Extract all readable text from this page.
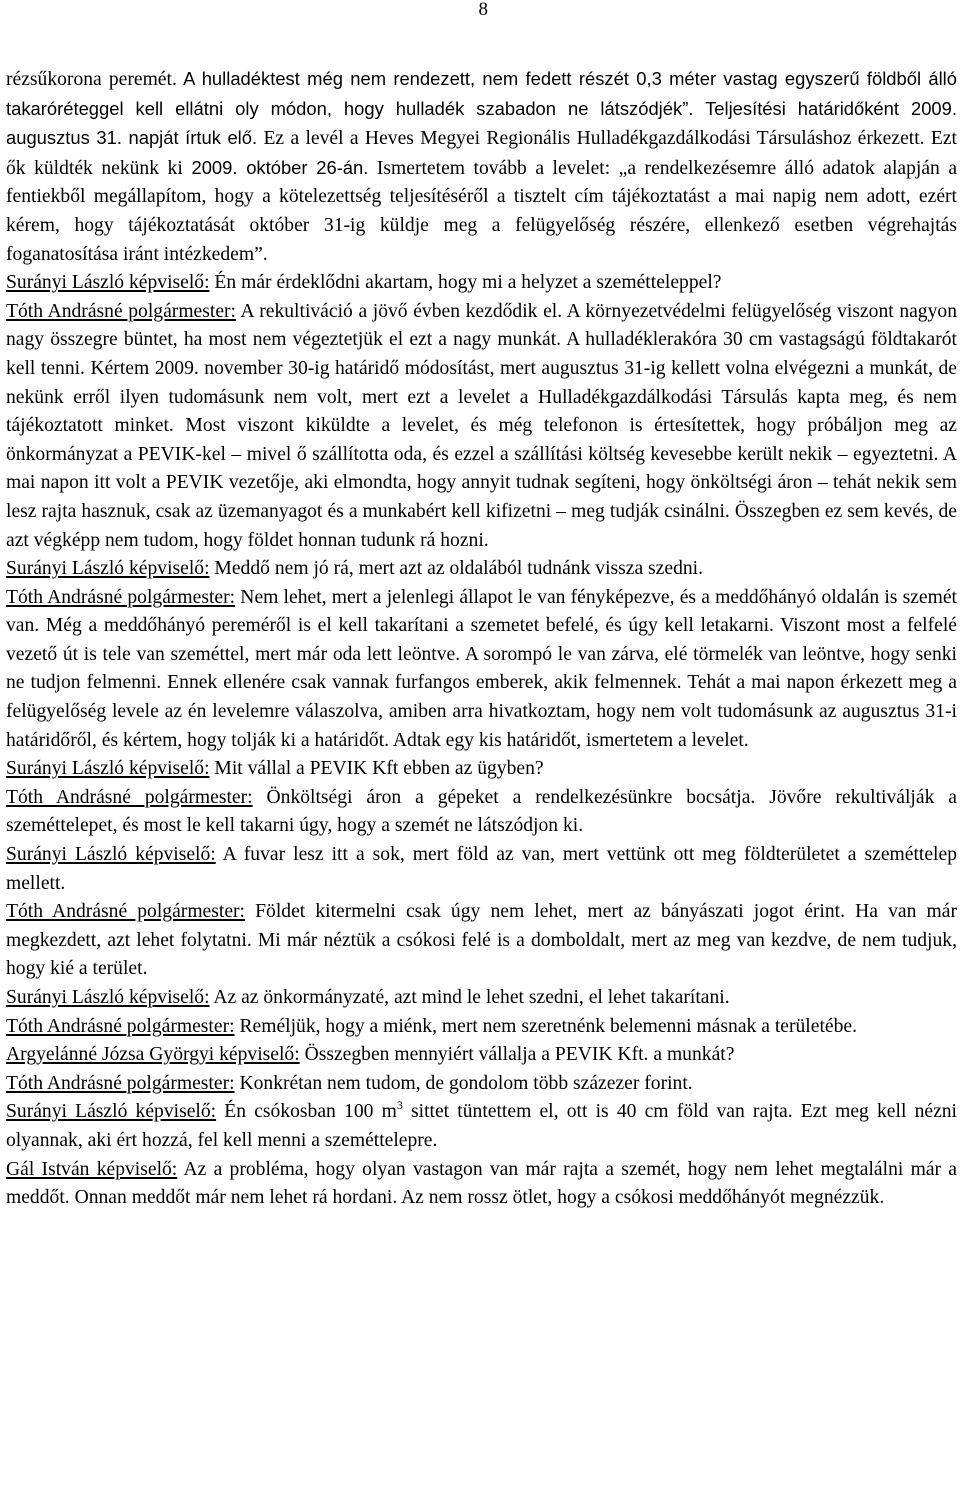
8

rézsűkorona peremét. A hulladéktest még nem rendezett, nem fedett részét 0,3 méter vastag egyszerű földből álló takaróréteggel kell ellátni oly módon, hogy hulladék szabadon ne látszódjék”. Teljesítési határidőként 2009. augusztus 31. napját írtuk elő. Ez a levél a Heves Megyei Regionális Hulladékgazdálkodási Társuláshoz érkezett. Ezt ők küldték nekünk ki 2009. október 26-án. Ismertetem tovább a levelet: „a rendelkezésemre álló adatok alapján a fentiekből megállapítom, hogy a kötelezettség teljesítéséről a tisztelt cím tájékoztatást a mai napig nem adott, ezért kérem, hogy tájékoztatását október 31-ig küldje meg a felügyelőség részére, ellenkező esetben végrehajtás foganatosítása iránt intézkedem”.

Surányi László képviselő: Én már érdeklődni akartam, hogy mi a helyzet a szemétteleppel?

Tóth Andrásné polgármester: A rekultiváció a jövő évben kezdődik el. A környezetvédelmi felügyelőség viszont nagyon nagy összegre büntet, ha most nem végeztetjük el ezt a nagy munkát. A hulladéklerakóra 30 cm vastagságú földtakarót kell tenni. Kértem 2009. november 30-ig határidő módosítást, mert augusztus 31-ig kellett volna elvégezni a munkát, de nekünk erről ilyen tudomásunk nem volt, mert ezt a levelet a Hulladékgazdálkodási Társulás kapta meg, és nem tájékoztatott minket. Most viszont kiküldte a levelet, és még telefonon is értesítettek, hogy próbáljon meg az önkormányzat a PEVIK-kel – mivel ő szállította oda, és ezzel a szállítási költség kevesebbe került nekik – egyeztetni. A mai napon itt volt a PEVIK vezetője, aki elmondta, hogy annyit tudnak segíteni, hogy önköltségi áron – tehát nekik sem lesz rajta hasznuk, csak az üzemanyagot és a munkabért kell kifizetni – meg tudják csinálni. Összegben ez sem kevés, de azt végképp nem tudom, hogy földet honnan tudunk rá hozni.

Surányi László képviselő: Meddő nem jó rá, mert azt az oldalából tudnánk vissza szedni.

Tóth Andrásné polgármester: Nem lehet, mert a jelenlegi állapot le van fényképezve, és a meddőhányó oldalán is szemét van. Még a meddőhányó pereméről is el kell takarítani a szemetet befelé, és úgy kell letakarni. Viszont most a felfelé vezető út is tele van szeméttel, mert már oda lett leöntve. A sorompó le van zárva, elé törmelék van leöntve, hogy senki ne tudjon felmenni. Ennek ellenére csak vannak furfangos emberek, akik felmennek. Tehát a mai napon érkezett meg a felügyelőség levele az én levelemre válaszolva, amiben arra hivatkoztam, hogy nem volt tudomásunk az augusztus 31-i határidőről, és kértem, hogy tolják ki a határidőt. Adtak egy kis határidőt, ismertetem a levelet.

Surányi László képviselő: Mit vállal a PEVIK Kft ebben az ügyben?

Tóth Andrásné polgármester: Önköltségi áron a gépeket a rendelkezésünkre bocsátja. Jövőre rekultiválják a szeméttelepet, és most le kell takarni úgy, hogy a szemét ne látszódjon ki.

Surányi László képviselő: A fuvar lesz itt a sok, mert föld az van, mert vettünk ott meg földterületet a szeméttelep mellett.

Tóth Andrásné polgármester: Földet kitermelni csak úgy nem lehet, mert az bányászati jogot érint. Ha van már megkezdett, azt lehet folytatni. Mi már néztük a csókosi felé is a domboldalt, mert az meg van kezdve, de nem tudjuk, hogy kié a terület.

Surányi László képviselő: Az az önkormányzaté, azt mind le lehet szedni, el lehet takarítani.

Tóth Andrásné polgármester: Reméljük, hogy a miénk, mert nem szeretnénk belemenni másnak a területébe.

Argyelánné Józsa Györgyi képviselő: Összegben mennyiért vállalja a PEVIK Kft. a munkát?

Tóth Andrásné polgármester: Konkrétan nem tudom, de gondolom több százezer forint.

Surányi László képviselő: Én csókosban 100 $m^3$ sittet tüntettem el, ott is 40 cm föld van rajta. Ezt meg kell nézni olyannak, aki ért hozzá, fel kell menni a szeméttelepre.

Gál István képviselő: Az a probléma, hogy olyan vastagon van már rajta a szemét, hogy nem lehet megtalálni már a meddőt. Onnan meddőt már nem lehet rá hordani. Az nem rossz ötlet, hogy a csókosi meddőhányót megnézzük.
